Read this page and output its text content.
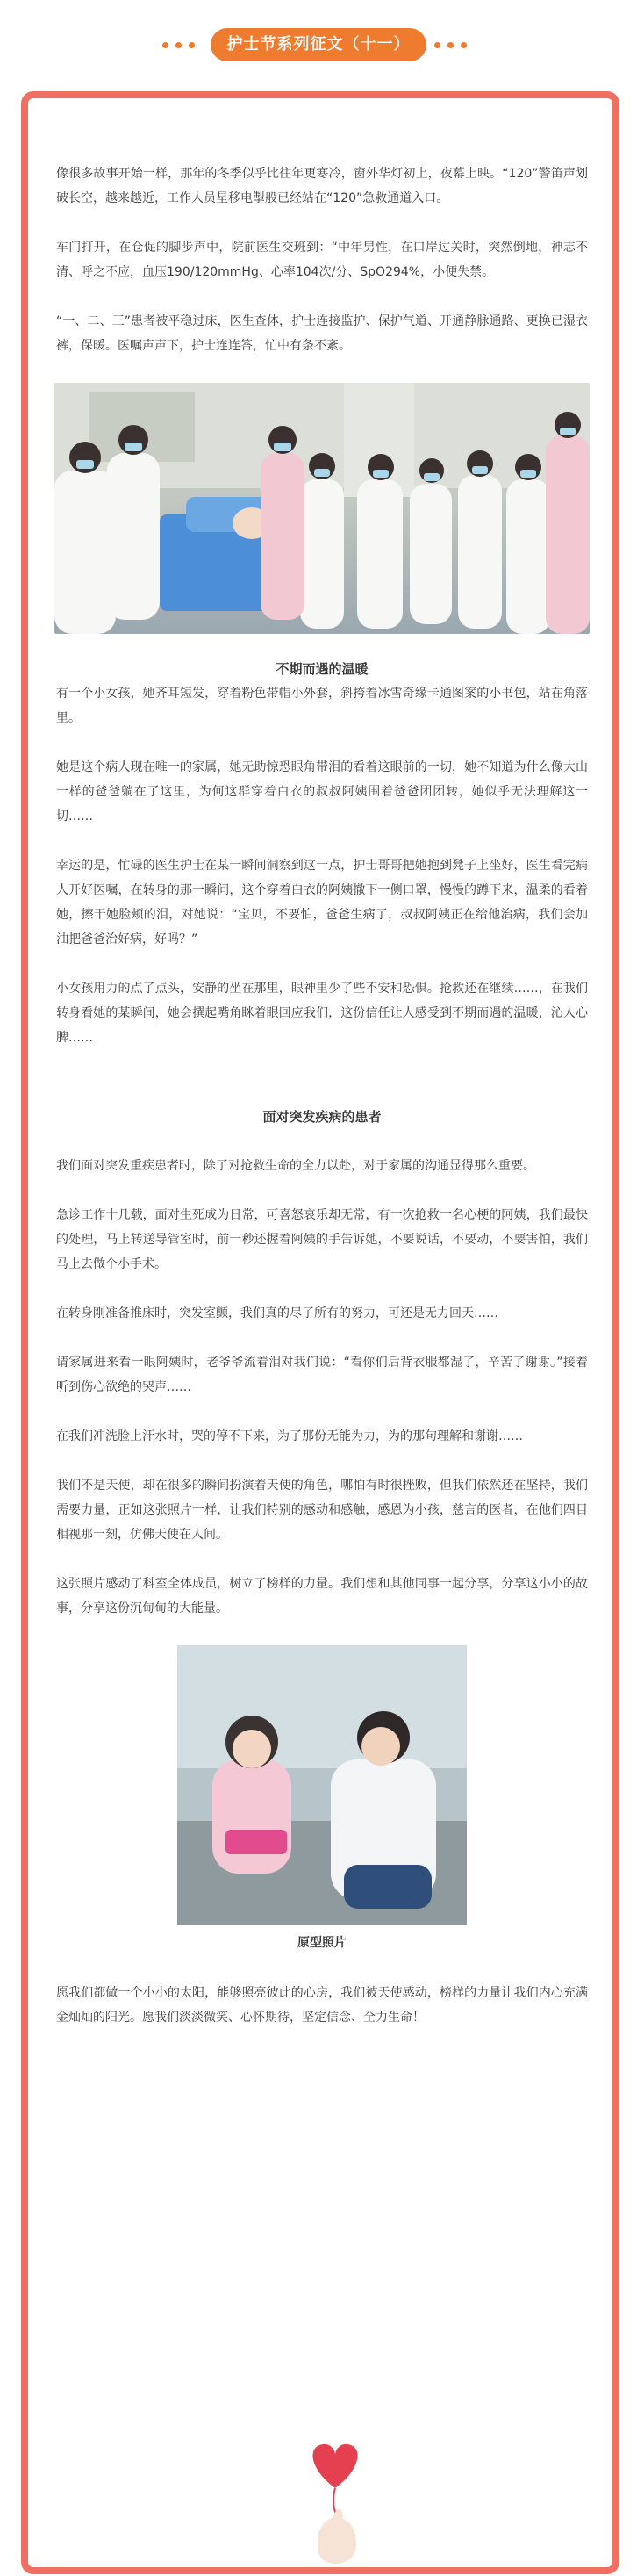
护士节系列征文（十一）

像很多故事开始一样，那年的冬季似乎比往年更寒冷，窗外华灯初上，夜幕上映。“120”警笛声划破长空，越来越近，工作人员星移电掣般已经站在“120”急救通道入口。

车门打开，在仓促的脚步声中，院前医生交班到：“中年男性，在口岸过关时，突然倒地，神志不清、呼之不应，血压190/120mmHg、心率104次/分、SpO294%，小便失禁。

“一、二、三”患者被平稳过床，医生查体，护士连接监护、保护气道、开通静脉通路、更换已湿衣裤，保暖。医嘱声声下，护士连连答，忙中有条不紊。

不期而遇的温暖

有一个小女孩，她齐耳短发，穿着粉色带帽小外套，斜挎着冰雪奇缘卡通图案的小书包，站在角落里。

她是这个病人现在唯一的家属，她无助惊恐眼角带泪的看着这眼前的一切，她不知道为什么像大山一样的爸爸躺在了这里，为何这群穿着白衣的叔叔阿姨围着爸爸团团转，她似乎无法理解这一切……

幸运的是，忙碌的医生护士在某一瞬间洞察到这一点，护士哥哥把她抱到凳子上坐好，医生看完病人开好医嘱，在转身的那一瞬间，这个穿着白衣的阿姨撤下一侧口罩，慢慢的蹲下来，温柔的看着她，擦干她脸颊的泪，对她说：“宝贝，不要怕，爸爸生病了，叔叔阿姨正在给他治病，我们会加油把爸爸治好病，好吗？”

小女孩用力的点了点头，安静的坐在那里，眼神里少了些不安和恐惧。抢救还在继续……，在我们转身看她的某瞬间，她会撰起嘴角眯着眼回应我们，这份信任让人感受到不期而遇的温暖，沁人心脾……

面对突发疾病的患者

我们面对突发重疾患者时，除了对抢救生命的全力以赴，对于家属的沟通显得那么重要。

急诊工作十几载，面对生死成为日常，可喜怒哀乐却无常，有一次抢救一名心梗的阿姨，我们最快的处理，马上转送导管室时，前一秒还握着阿姨的手告诉她，不要说话，不要动，不要害怕，我们马上去做个小手术。

在转身刚准备推床时，突发室颤，我们真的尽了所有的努力，可还是无力回天……

请家属进来看一眼阿姨时，老爷爷流着泪对我们说：“看你们后背衣服都湿了，辛苦了谢谢。”接着听到伤心欲绝的哭声……

在我们冲洗脸上汗水时，哭的停不下来，为了那份无能为力，为的那句理解和谢谢……

我们不是天使，却在很多的瞬间扮演着天使的角色，哪怕有时很挫败，但我们依然还在坚持，我们需要力量，正如这张照片一样，让我们特别的感动和感触，感恩为小孩，慈言的医者，在他们四目相视那一刻，仿佛天使在人间。

这张照片感动了科室全体成员，树立了榜样的力量。我们想和其他同事一起分享，分享这小小的故事，分享这份沉甸甸的大能量。

原型照片

愿我们都做一个小小的太阳，能够照亮彼此的心房，我们被天使感动，榜样的力量让我们内心充满金灿灿的阳光。愿我们淡淡微笑、心怀期待，坚定信念、全力生命！
